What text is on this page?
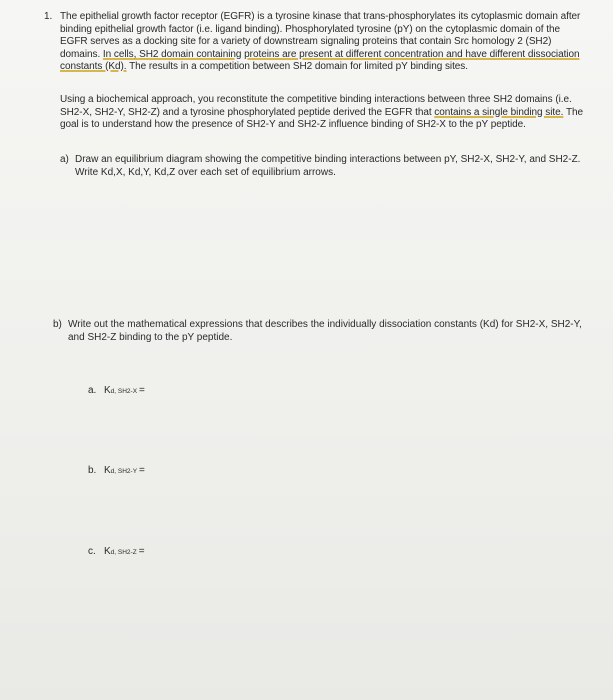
1. The epithelial growth factor receptor (EGFR) is a tyrosine kinase that trans-phosphorylates its cytoplasmic domain after binding epithelial growth factor (i.e. ligand binding). Phosphorylated tyrosine (pY) on the cytoplasmic domain of the EGFR serves as a docking site for a variety of downstream signaling proteins that contain Src homology 2 (SH2) domains. In cells, SH2 domain containing proteins are present at different concentration and have different dissociation constants (Kd). The results in a competition between SH2 domain for limited pY binding sites.
Using a biochemical approach, you reconstitute the competitive binding interactions between three SH2 domains (i.e. SH2-X, SH2-Y, SH2-Z) and a tyrosine phosphorylated peptide derived the EGFR that contains a single binding site. The goal is to understand how the presence of SH2-Y and SH2-Z influence binding of SH2-X to the pY peptide.
a) Draw an equilibrium diagram showing the competitive binding interactions between pY, SH2-X, SH2-Y, and SH2-Z. Write Kd,X, Kd,Y, Kd,Z over each set of equilibrium arrows.
b) Write out the mathematical expressions that describes the individually dissociation constants (Kd) for SH2-X, SH2-Y, and SH2-Z binding to the pY peptide.
a. K d, SH2-X =
b. K d, SH2-Y =
c. K d, SH2-Z =
